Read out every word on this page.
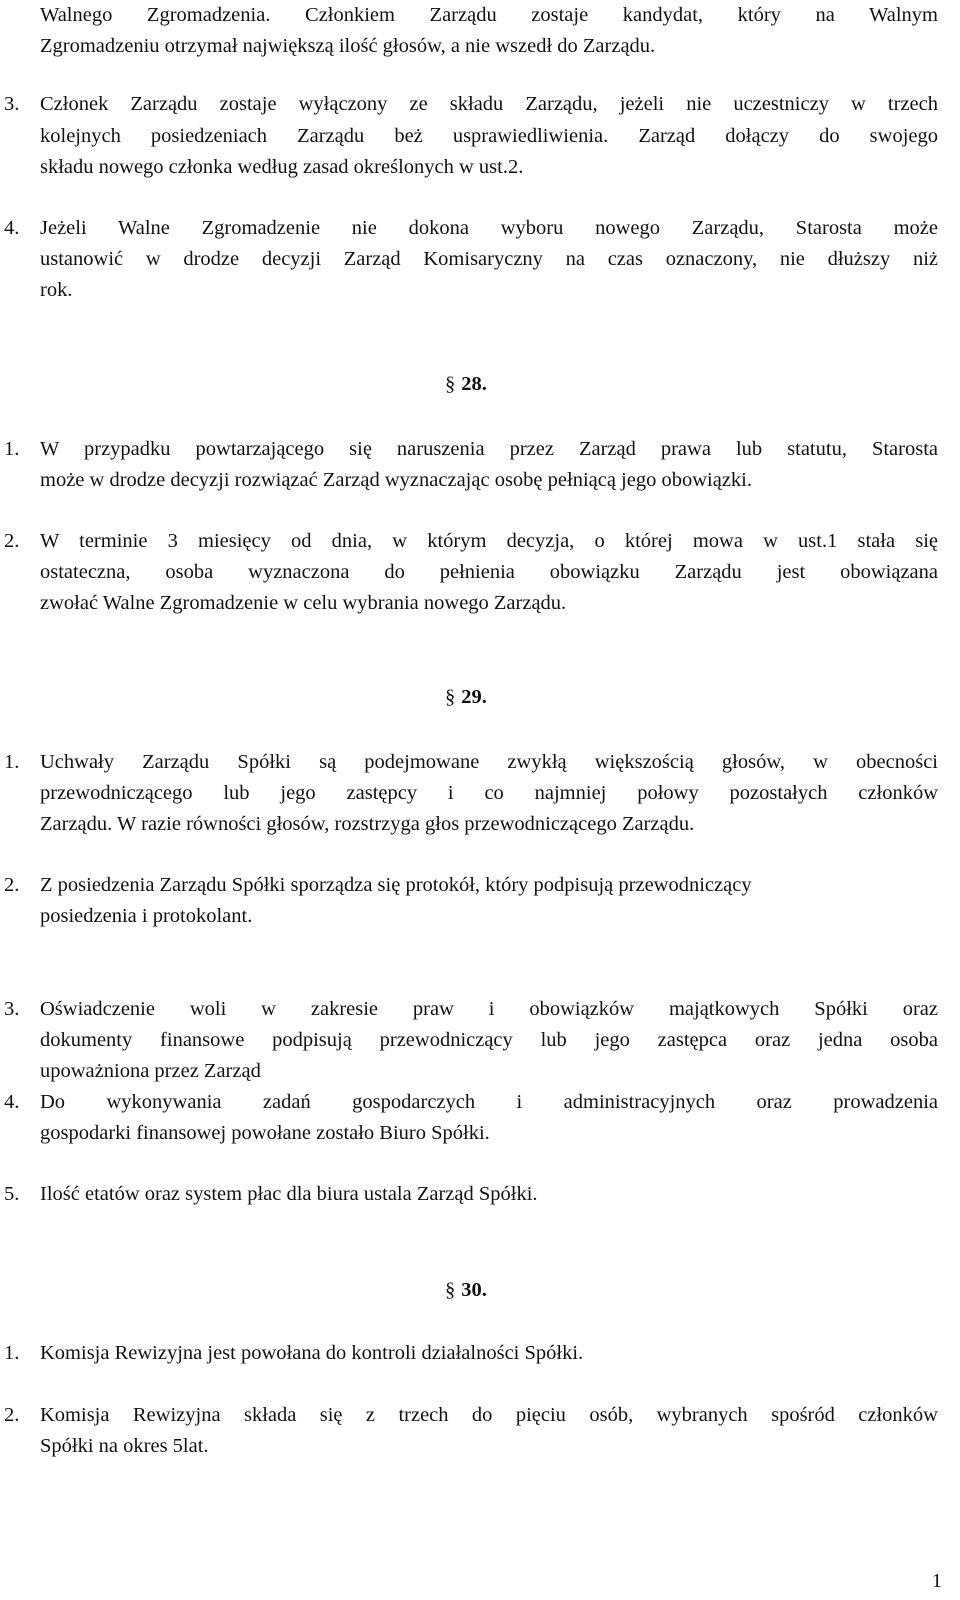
Walnego Zgromadzenia. Członkiem Zarządu zostaje kandydat, który na Walnym
Zgromadzeniu otrzymał największą ilość głosów, a nie wszedł do Zarządu.
3. Członek Zarządu zostaje wyłączony ze składu Zarządu, jeżeli nie uczestniczy w trzech
kolejnych posiedzeniach Zarządu beż usprawiedliwienia. Zarząd dołączy do swojego
składu nowego członka według zasad określonych w ust.2.
4. Jeżeli Walne Zgromadzenie nie dokona wyboru nowego Zarządu, Starosta może
ustanowić w drodze decyzji Zarząd Komisaryczny na czas oznaczony, nie dłuższy niż
rok.
§ 28.
1. W przypadku powtarzającego się naruszenia przez Zarząd prawa lub statutu, Starosta
może w drodze decyzji rozwiązać Zarząd wyznaczając osobę pełniącą jego obowiązki.
2. W terminie 3 miesięcy od dnia, w którym decyzja, o której mowa w ust.1 stała się
ostateczna, osoba wyznaczona do pełnienia obowiązku Zarządu jest obowiązana
zwołać Walne Zgromadzenie w celu wybrania nowego Zarządu.
§ 29.
1. Uchwały Zarządu Spółki są podejmowane zwykłą większością głosów, w obecności
przewodniczącego lub jego zastępcy i co najmniej połowy pozostałych członków
Zarządu. W razie równości głosów, rozstrzyga głos przewodniczącego Zarządu.
2. Z posiedzenia Zarządu Spółki sporządza się protokół, który podpisują przewodniczący
posiedzenia i protokolant.
3. Oświadczenie woli w zakresie praw i obowiązków majątkowych Spółki oraz
dokumenty finansowe podpisują przewodniczący lub jego zastępca oraz jedna osoba
upoważniona przez Zarząd
4. Do wykonywania zadań gospodarczych i administracyjnych oraz prowadzenia
gospodarki finansowej powołane zostało Biuro Spółki.
5. Ilość etatów oraz system płac dla biura ustala Zarząd Spółki.
§ 30.
1. Komisja Rewizyjna jest powołana do kontroli działalności Spółki.
2. Komisja Rewizyjna składa się z trzech do pięciu osób, wybranych spośród członków
Spółki na okres 5lat.
1
